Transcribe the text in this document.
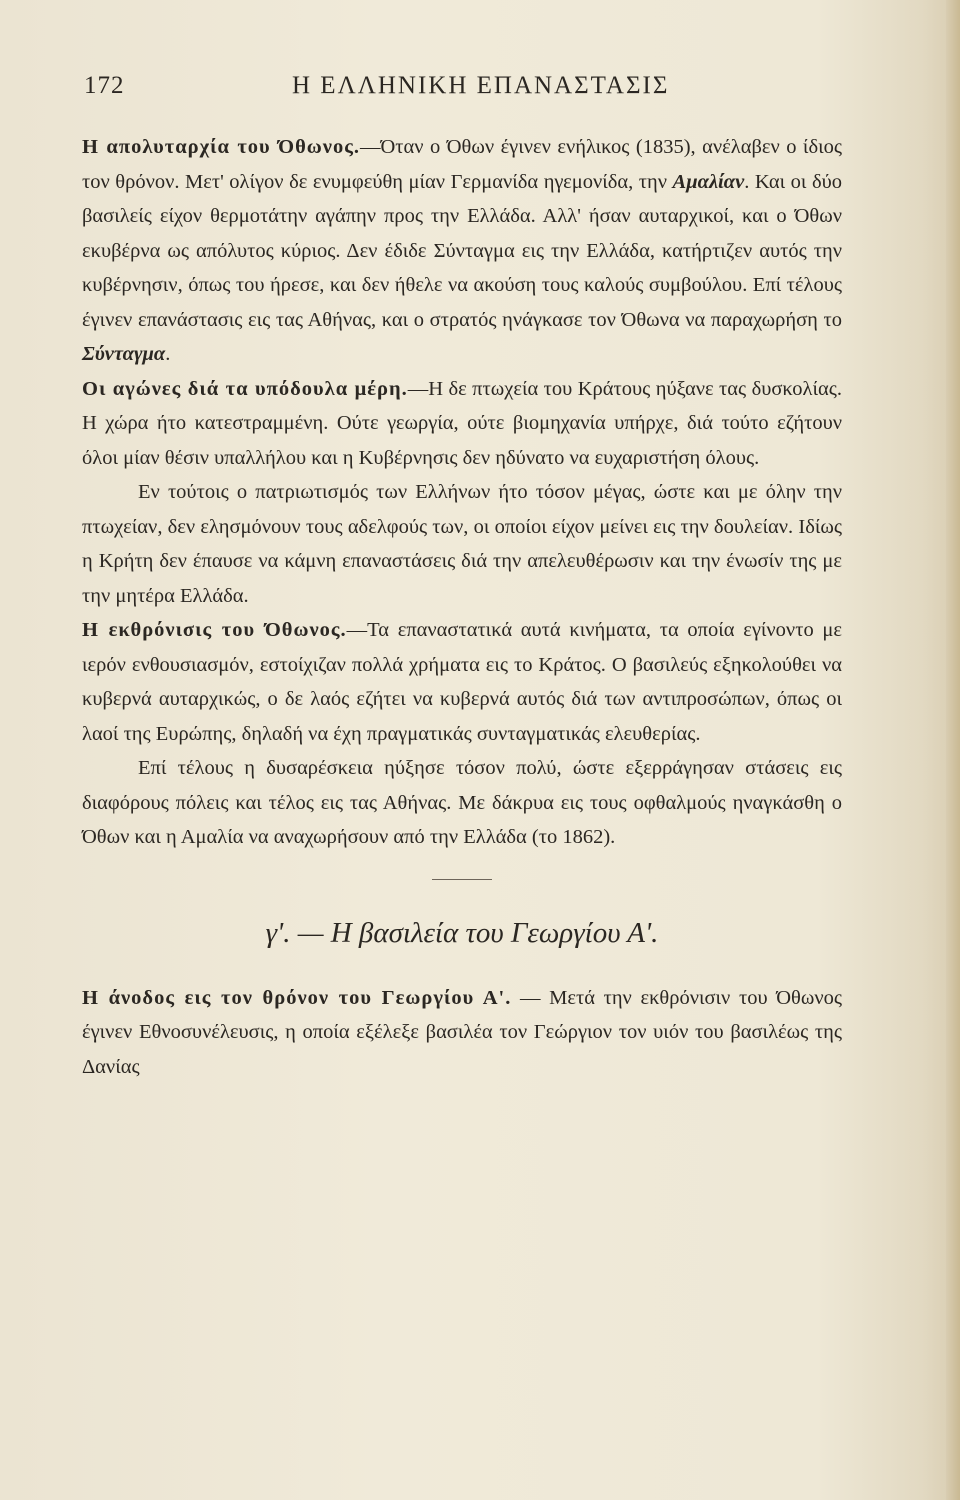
172	Η ΕΛΛΗΝΙΚΗ ΕΠΑΝΑΣΤΑΣΙΣ

Η απολυταρχία του Όθωνος.—Όταν ο Όθων έγινεν ενήλικος (1835), ανέλαβεν ο ίδιος τον θρόνον. Μετ' ολίγον δε ενυμφεύθη μίαν Γερμανίδα ηγεμονίδα, την Αμαλίαν. Και οι δύο βασιλείς είχον θερμοτάτην αγάπην προς την Ελλάδα. Αλλ' ήσαν αυταρχικοί, και ο Όθων εκυβέρνα ως απόλυτος κύριος. Δεν έδιδε Σύνταγμα εις την Ελλάδα, κατήρτιζεν αυτός την κυβέρνησιν, όπως του ήρεσε, και δεν ήθελε να ακούση τους καλούς συμβούλου. Επί τέλους έγινεν επανάστασις εις τας Αθήνας, και ο στρατός ηνάγκασε τον Όθωνα να παραχωρήση το Σύνταγμα.

Οι αγώνες διά τα υπόδουλα μέρη.—Η δε πτωχεία του Κράτους ηύξανε τας δυσκολίας. Η χώρα ήτο κατεστραμμένη. Ούτε γεωργία, ούτε βιομηχανία υπήρχε, διά τούτο εζήτουν όλοι μίαν θέσιν υπαλλήλου και η Κυβέρνησις δεν ηδύνατο να ευχαριστήση όλους.

Εν τούτοις ο πατριωτισμός των Ελλήνων ήτο τόσον μέγας, ώστε και με όλην την πτωχείαν, δεν ελησμόνουν τους αδελφούς των, οι οποίοι είχον μείνει εις την δουλείαν. Ιδίως η Κρήτη δεν έπαυσε να κάμνη επαναστάσεις διά την απελευθέρωσιν και την ένωσίν της με την μητέρα Ελλάδα.

Η εκθρόνισις του Όθωνος.—Τα επαναστατικά αυτά κινήματα, τα οποία εγίνοντο με ιερόν ενθουσιασμόν, εστοίχιζαν πολλά χρήματα εις το Κράτος. Ο βασιλεύς εξηκολούθει να κυβερνά αυταρχικώς, ο δε λαός εζήτει να κυβερνά αυτός διά των αντιπροσώπων, όπως οι λαοί της Ευρώπης, δηλαδή να έχη πραγματικάς συνταγματικάς ελευθερίας.

Επί τέλους η δυσαρέσκεια ηύξησε τόσον πολύ, ώστε εξερράγησαν στάσεις εις διαφόρους πόλεις και τέλος εις τας Αθήνας. Με δάκρυα εις τους οφθαλμούς ηναγκάσθη ο Όθων και η Αμαλία να αναχωρήσουν από την Ελλάδα (το 1862).

γ'. — Η βασιλεία του Γεωργίου Α'.

Η άνοδος εις τον θρόνον του Γεωργίου Α'. — Μετά την εκθρόνισιν του Όθωνος έγινεν Εθνοσυνέλευσις, η οποία εξέλεξε βασιλέα τον Γεώργιον τον υιόν του βασιλέως της Δανίας
